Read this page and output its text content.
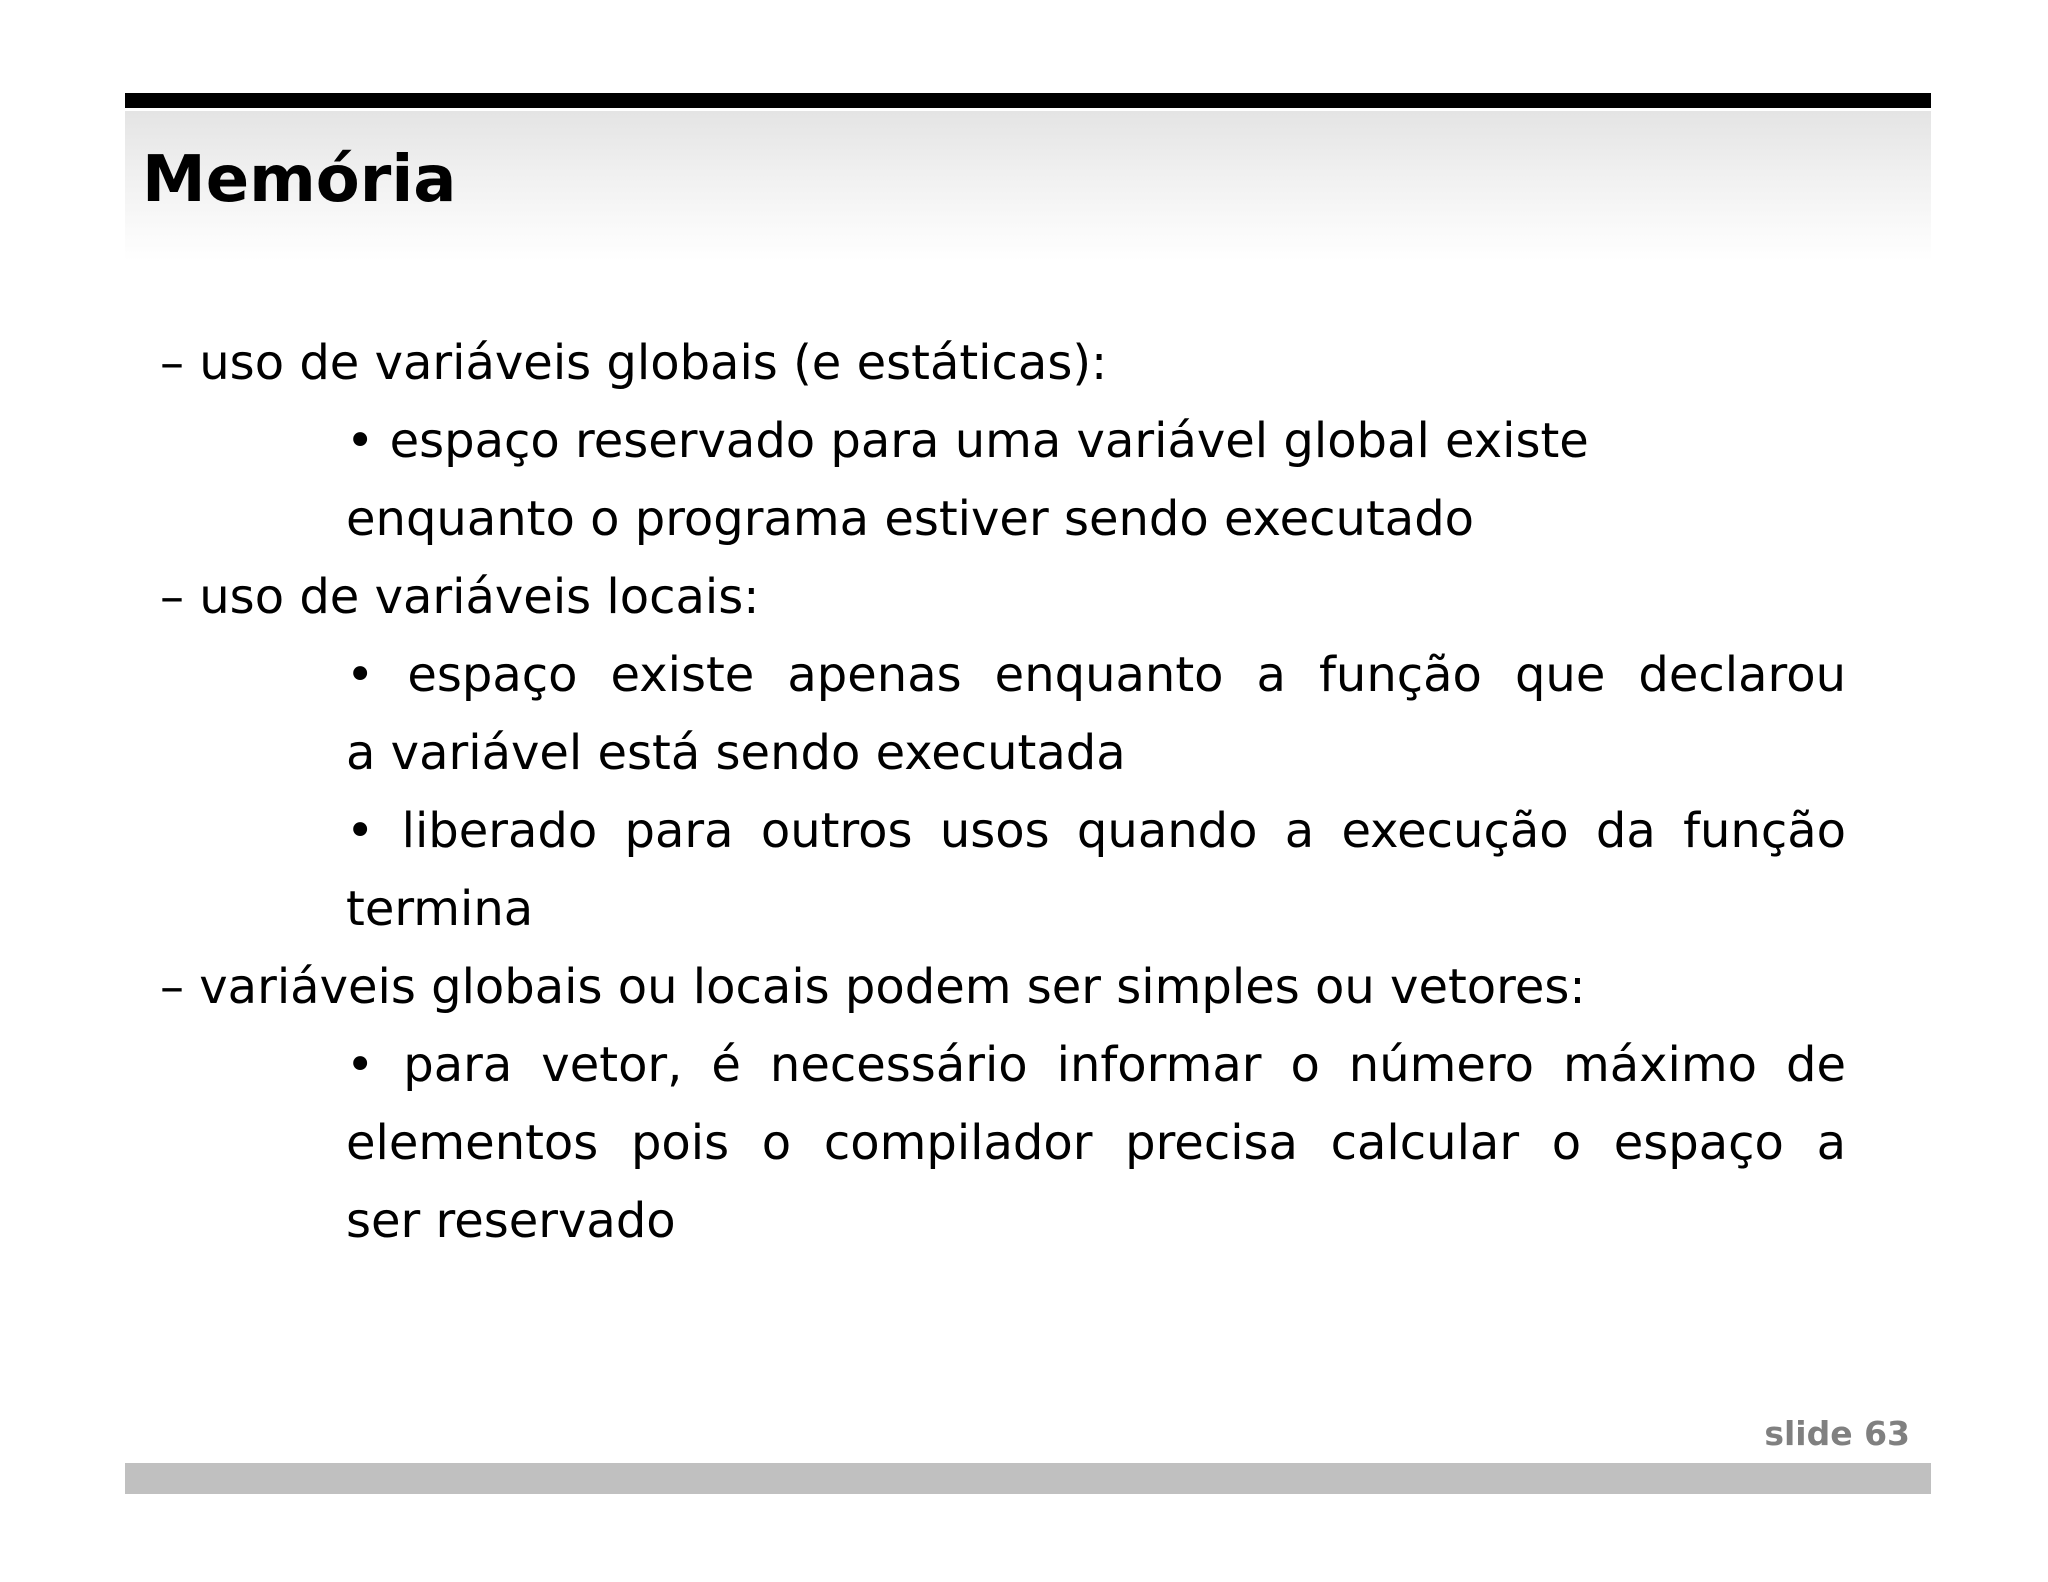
Memória
– uso de variáveis globais (e estáticas):
• espaço reservado para uma variável global existe
enquanto o programa estiver sendo executado
– uso de variáveis locais:
• espaço existe apenas enquanto a função que declarou
a variável está sendo executada
• liberado para outros usos quando a execução da função
termina
– variáveis globais ou locais podem ser simples ou vetores:
• para vetor, é necessário informar o número máximo de
elementos pois o compilador precisa calcular o espaço a
ser reservado
slide 63
